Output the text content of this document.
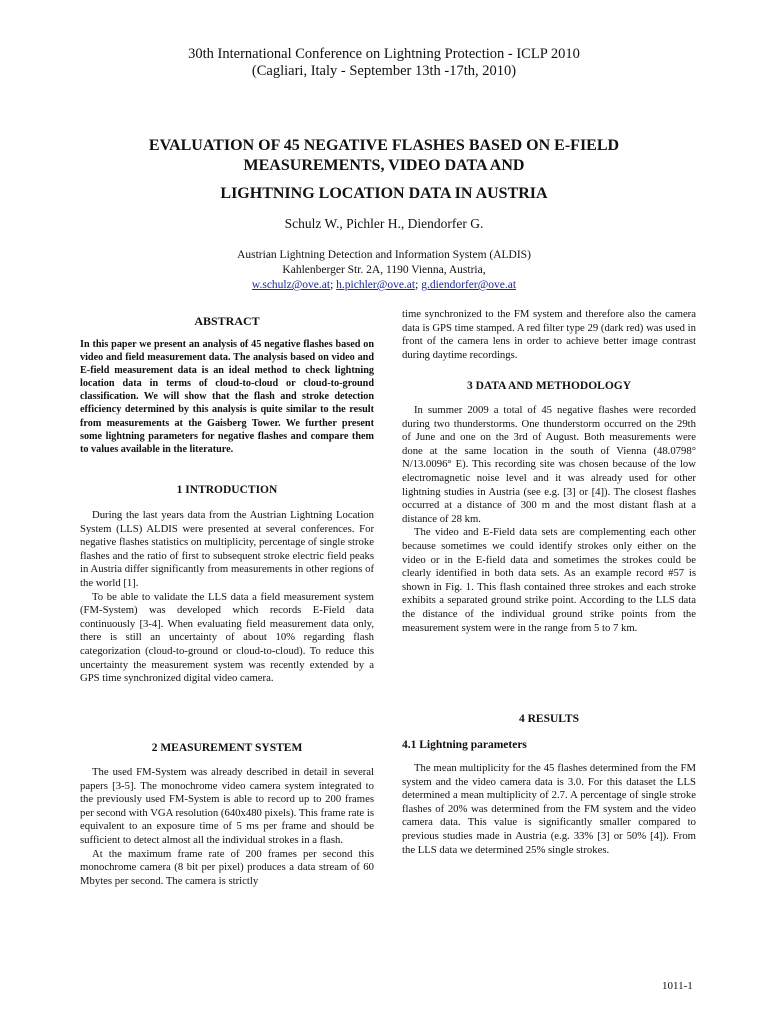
30th International Conference on Lightning Protection - ICLP 2010
(Cagliari, Italy - September 13th -17th, 2010)
EVALUATION OF 45 NEGATIVE FLASHES BASED ON E-FIELD
MEASUREMENTS, VIDEO DATA AND
LIGHTNING LOCATION DATA IN AUSTRIA
Schulz W., Pichler H., Diendorfer G.
Austrian Lightning Detection and Information System (ALDIS)
Kahlenberger Str. 2A, 1190 Vienna, Austria,
w.schulz@ove.at; h.pichler@ove.at; g.diendorfer@ove.at
ABSTRACT
In this paper we present an analysis of 45 negative flashes based on video and field measurement data. The analysis based on video and E-field measurement data is an ideal method to check lightning location data in terms of cloud-to-cloud or cloud-to-ground classification. We will show that the flash and stroke detection efficiency determined by this analysis is quite similar to the result from measurements at the Gaisberg Tower. We further present some lightning parameters for negative flashes and compare them to values available in the literature.
1 INTRODUCTION

During the last years data from the Austrian Lightning Location System (LLS) ALDIS were presented at several conferences. For negative flashes statistics on multiplicity, percentage of single stroke flashes and the ratio of first to subsequent stroke electric field peaks in Austria differ significantly from measurements in other regions of the world [1].

To be able to validate the LLS data a field measurement system (FM-System) was developed which records E-Field data continuously [3-4]. When evaluating field measurement data only, there is still an uncertainty of about 10% regarding flash categorization (cloud-to-ground or cloud-to-cloud). To reduce this uncertainty the measurement system was recently extended by a GPS time synchronized digital video camera.

2 MEASUREMENT SYSTEM

The used FM-System was already described in detail in several papers [3-5]. The monochrome video camera system integrated to the previously used FM-System is able to record up to 200 frames per second with VGA resolution (640x480 pixels). This frame rate is equivalent to an exposure time of 5 ms per frame and should be sufficient to detect almost all the individual strokes in a flash.

At the maximum frame rate of 200 frames per second this monochrome camera (8 bit per pixel) produces a data stream of 60 Mbytes per second. The camera is strictly

time synchronized to the FM system and therefore also the camera data is GPS time stamped. A red filter type 29 (dark red) was used in front of the camera lens in order to achieve better image contrast during daytime recordings.

3 DATA AND METHODOLOGY

In summer 2009 a total of 45 negative flashes were recorded during two thunderstorms. One thunderstorm occurred on the 29th of June and one on the 3rd of August. Both measurements were done at the same location in the south of Vienna (48.0798° N/13.0096° E). This recording site was chosen because of the low electromagnetic noise level and it was already used for other lightning studies in Austria (see e.g. [3] or [4]). The closest flashes occurred at a distance of 300 m and the most distant flash at a distance of 28 km.

The video and E-Field data sets are complementing each other because sometimes we could identify strokes only either on the video or in the E-field data and sometimes the strokes could be clearly identified in both data sets. As an example record #57 is shown in Fig. 1. This flash contained three strokes and each stroke exhibits a separated ground strike point. According to the LLS data the distance of the individual ground strike points from the measurement system were in the range from 5 to 7 km.

4 RESULTS
4.1 Lightning parameters

The mean multiplicity for the 45 flashes determined from the FM system and the video camera data is 3.0. For this dataset the LLS determined a mean multiplicity of 2.7. A percentage of single stroke flashes of 20% was determined from the FM system and the video camera data. This value is significantly smaller compared to previous studies made in Austria (e.g. 33% [3] or 50% [4]). From the LLS data we determined 25% single strokes.

1011-1
